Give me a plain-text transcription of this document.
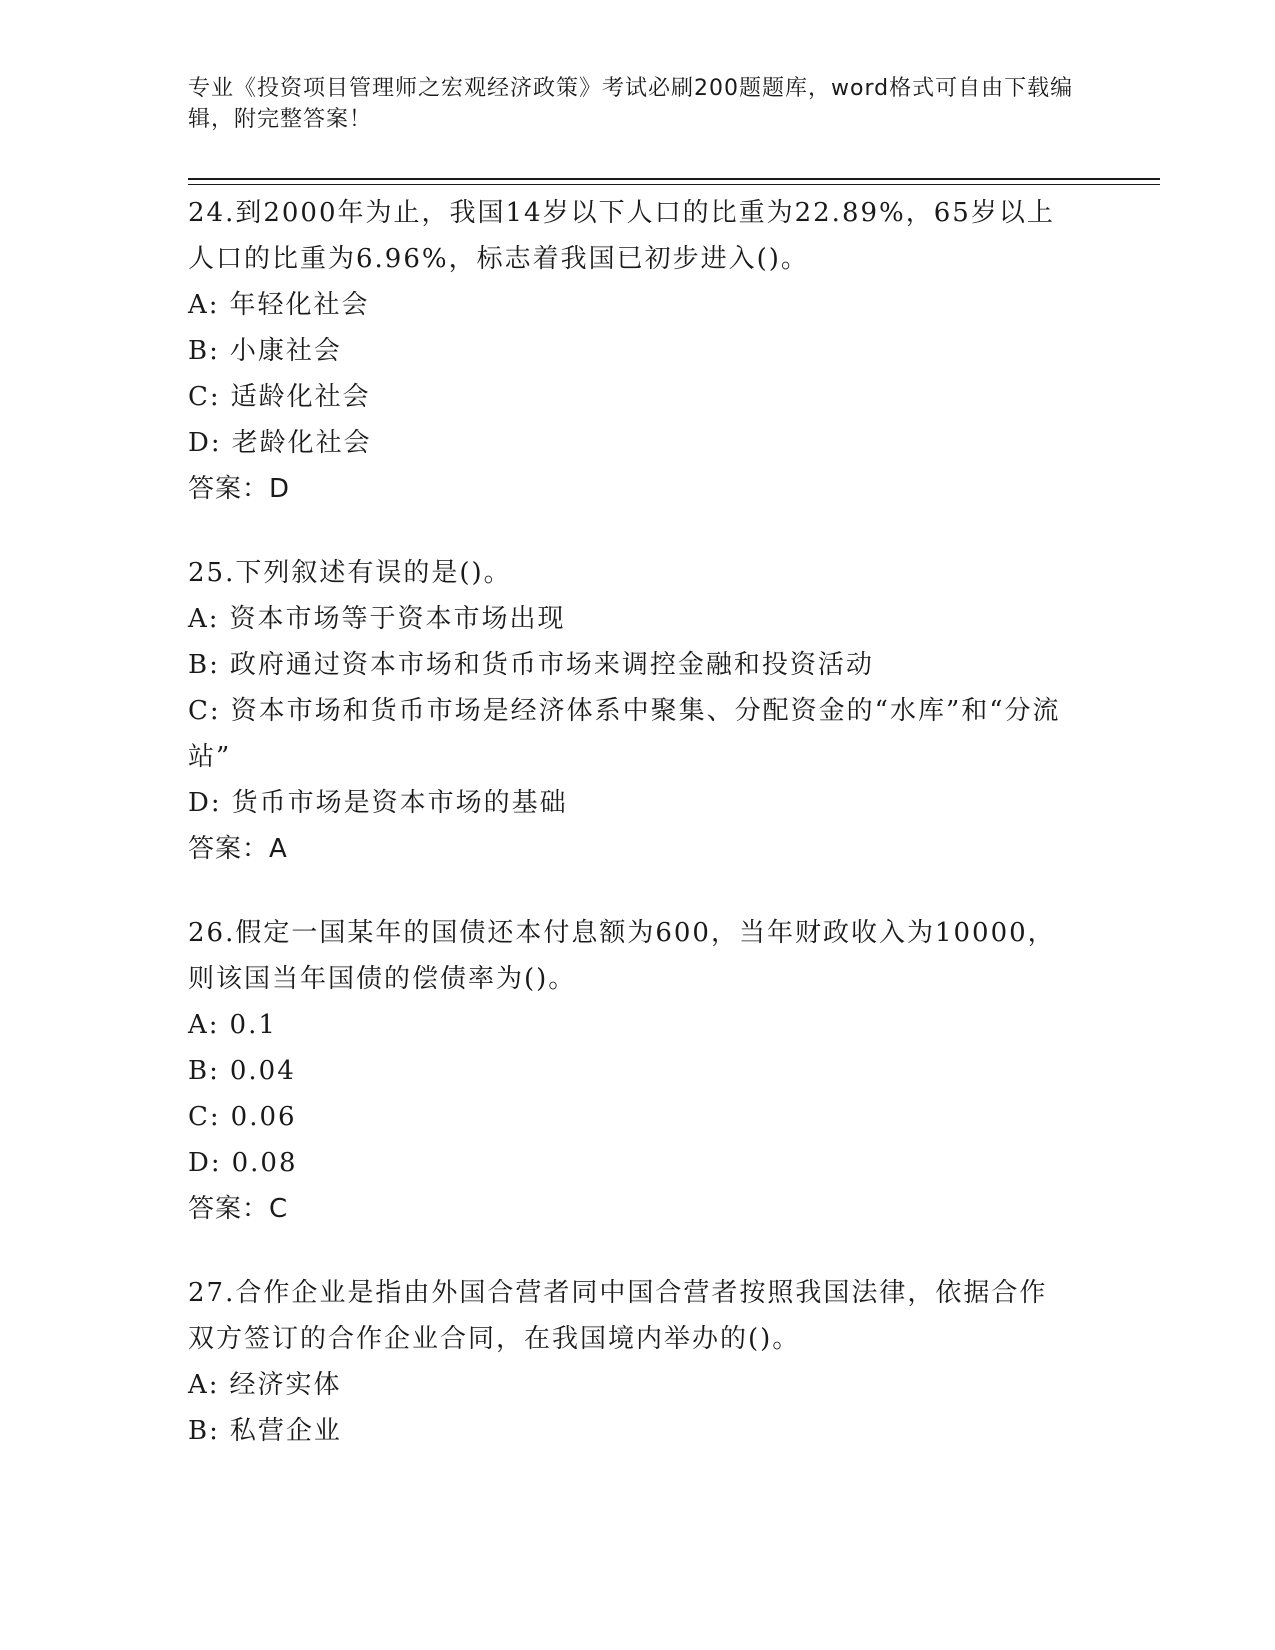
专业《投资项目管理师之宏观经济政策》考试必刷200题题库，word格式可自由下载编辑，附完整答案！
24.到2000年为止，我国14岁以下人口的比重为22.89%，65岁以上人口的比重为6.96%，标志着我国已初步进入()。
A: 年轻化社会
B: 小康社会
C: 适龄化社会
D: 老龄化社会
答案：D
25.下列叙述有误的是()。
A: 资本市场等于资本市场出现
B: 政府通过资本市场和货币市场来调控金融和投资活动
C: 资本市场和货币市场是经济体系中聚集、分配资金的“水库”和“分流站”
D: 货币市场是资本市场的基础
答案：A
26.假定一国某年的国债还本付息额为600，当年财政收入为10000，则该国当年国债的偿债率为()。
A: 0.1
B: 0.04
C: 0.06
D: 0.08
答案：C
27.合作企业是指由外国合营者同中国合营者按照我国法律，依据合作双方签订的合作企业合同，在我国境内举办的()。
A: 经济实体
B: 私营企业
